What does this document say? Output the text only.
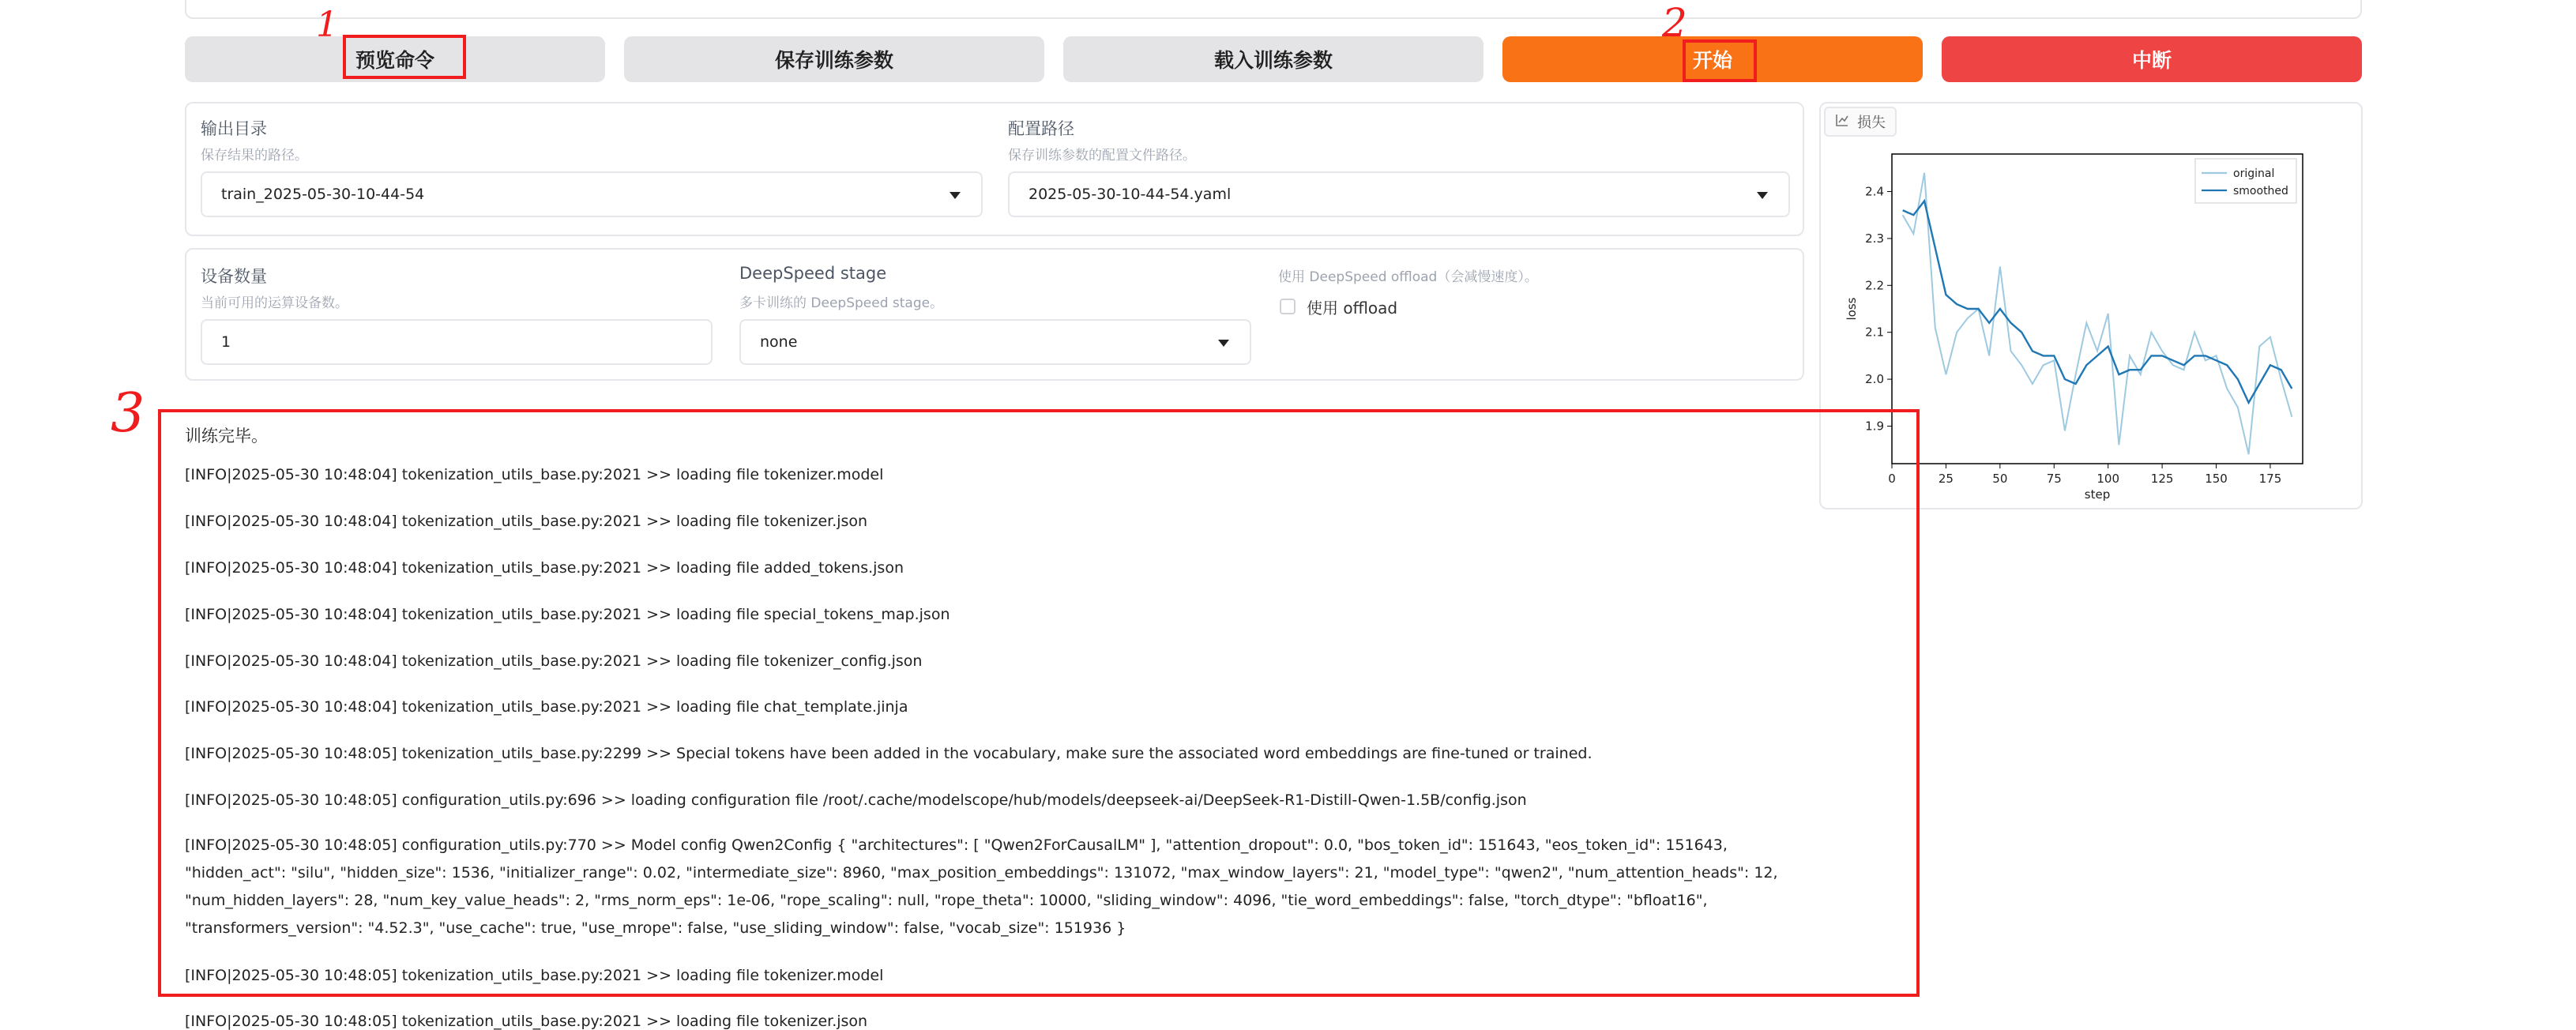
预览命令	保存训练参数	载入训练参数	开始	中断
输出目录
保存结果的路径。
train_2025-05-30-10-44-54
配置路径
保存训练参数的配置文件路径。
2025-05-30-10-44-54.yaml
设备数量
当前可用的运算设备数。
1
DeepSpeed stage
多卡训练的 DeepSpeed stage。
none
使用 DeepSpeed offload（会减慢速度）。
使用 offload
损失
0	25	50	75	100	125	150	175
1.9
2.0
2.1
2.2
2.3
2.4
step
loss
original
smoothed
训练完毕。
[INFO|2025-05-30 10:48:04] tokenization_utils_base.py:2021 >> loading file tokenizer.model
[INFO|2025-05-30 10:48:04] tokenization_utils_base.py:2021 >> loading file tokenizer.json
[INFO|2025-05-30 10:48:04] tokenization_utils_base.py:2021 >> loading file added_tokens.json
[INFO|2025-05-30 10:48:04] tokenization_utils_base.py:2021 >> loading file special_tokens_map.json
[INFO|2025-05-30 10:48:04] tokenization_utils_base.py:2021 >> loading file tokenizer_config.json
[INFO|2025-05-30 10:48:04] tokenization_utils_base.py:2021 >> loading file chat_template.jinja
[INFO|2025-05-30 10:48:05] tokenization_utils_base.py:2299 >> Special tokens have been added in the vocabulary, make sure the associated word embeddings are fine-tuned or trained.
[INFO|2025-05-30 10:48:05] configuration_utils.py:696 >> loading configuration file /root/.cache/modelscope/hub/models/deepseek-ai/DeepSeek-R1-Distill-Qwen-1.5B/config.json
[INFO|2025-05-30 10:48:05] configuration_utils.py:770 >> Model config Qwen2Config { "architectures": [ "Qwen2ForCausalLM" ], "attention_dropout": 0.0, "bos_token_id": 151643, "eos_token_id": 151643, "hidden_act": "silu", "hidden_size": 1536, "initializer_range": 0.02, "intermediate_size": 8960, "max_position_embeddings": 131072, "max_window_layers": 21, "model_type": "qwen2", "num_attention_heads": 12, "num_hidden_layers": 28, "num_key_value_heads": 2, "rms_norm_eps": 1e-06, "rope_scaling": null, "rope_theta": 10000, "sliding_window": 4096, "tie_word_embeddings": false, "torch_dtype": "bfloat16", "transformers_version": "4.52.3", "use_cache": true, "use_mrope": false, "use_sliding_window": false, "vocab_size": 151936 }
[INFO|2025-05-30 10:48:05] tokenization_utils_base.py:2021 >> loading file tokenizer.model
[INFO|2025-05-30 10:48:05] tokenization_utils_base.py:2021 >> loading file tokenizer.json
1	2
3
